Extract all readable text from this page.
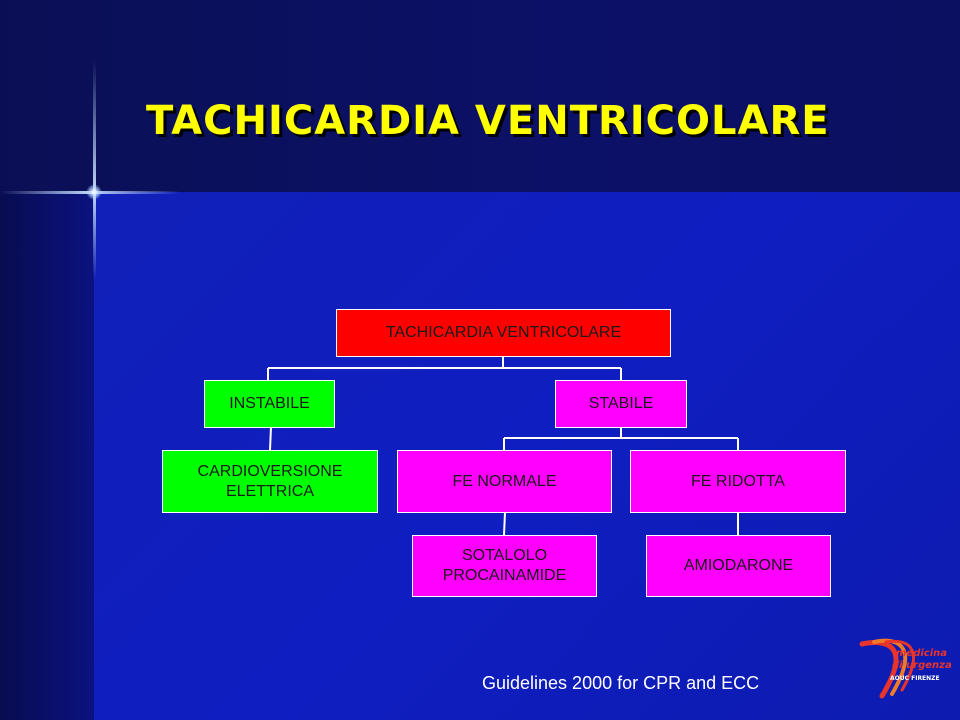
TACHICARDIA VENTRICOLARE
TACHICARDIA VENTRICOLARE
INSTABILE	STABILE
CARDIOVERSIONE
ELETTRICA
FE NORMALE	FE RIDOTTA
SOTALOLO
PROCAINAMIDE
AMIODARONE
Guidelines 2000 for CPR and ECC
medicina
di urgenza
AOUC FIRENZE
